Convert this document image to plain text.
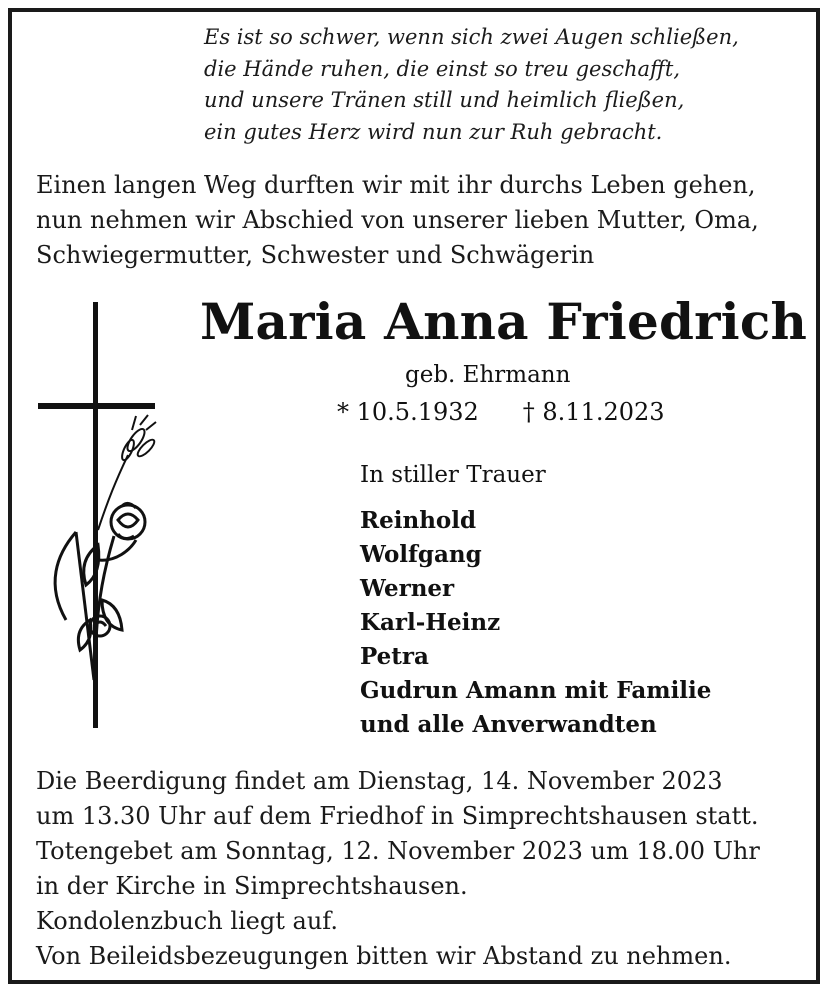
Es ist so schwer, wenn sich zwei Augen schließen,
die Hände ruhen, die einst so treu geschafft,
und unsere Tränen still und heimlich fließen,
ein gutes Herz wird nun zur Ruh gebracht.
Einen langen Weg durften wir mit ihr durchs Leben gehen,
nun nehmen wir Abschied von unserer lieben Mutter, Oma,
Schwiegermutter, Schwester und Schwägerin
Maria Anna Friedrich
geb. Ehrmann
* 10.5.1932 † 8.11.2023
In stiller Trauer
Reinhold
Wolfgang
Werner
Karl-Heinz
Petra
Gudrun Amann mit Familie
und alle Anverwandten
Die Beerdigung findet am Dienstag, 14. November 2023
um 13.30 Uhr auf dem Friedhof in Simprechtshausen statt.
Totengebet am Sonntag, 12. November 2023 um 18.00 Uhr
in der Kirche in Simprechtshausen.
Kondolenzbuch liegt auf.
Von Beileidsbezeugungen bitten wir Abstand zu nehmen.
